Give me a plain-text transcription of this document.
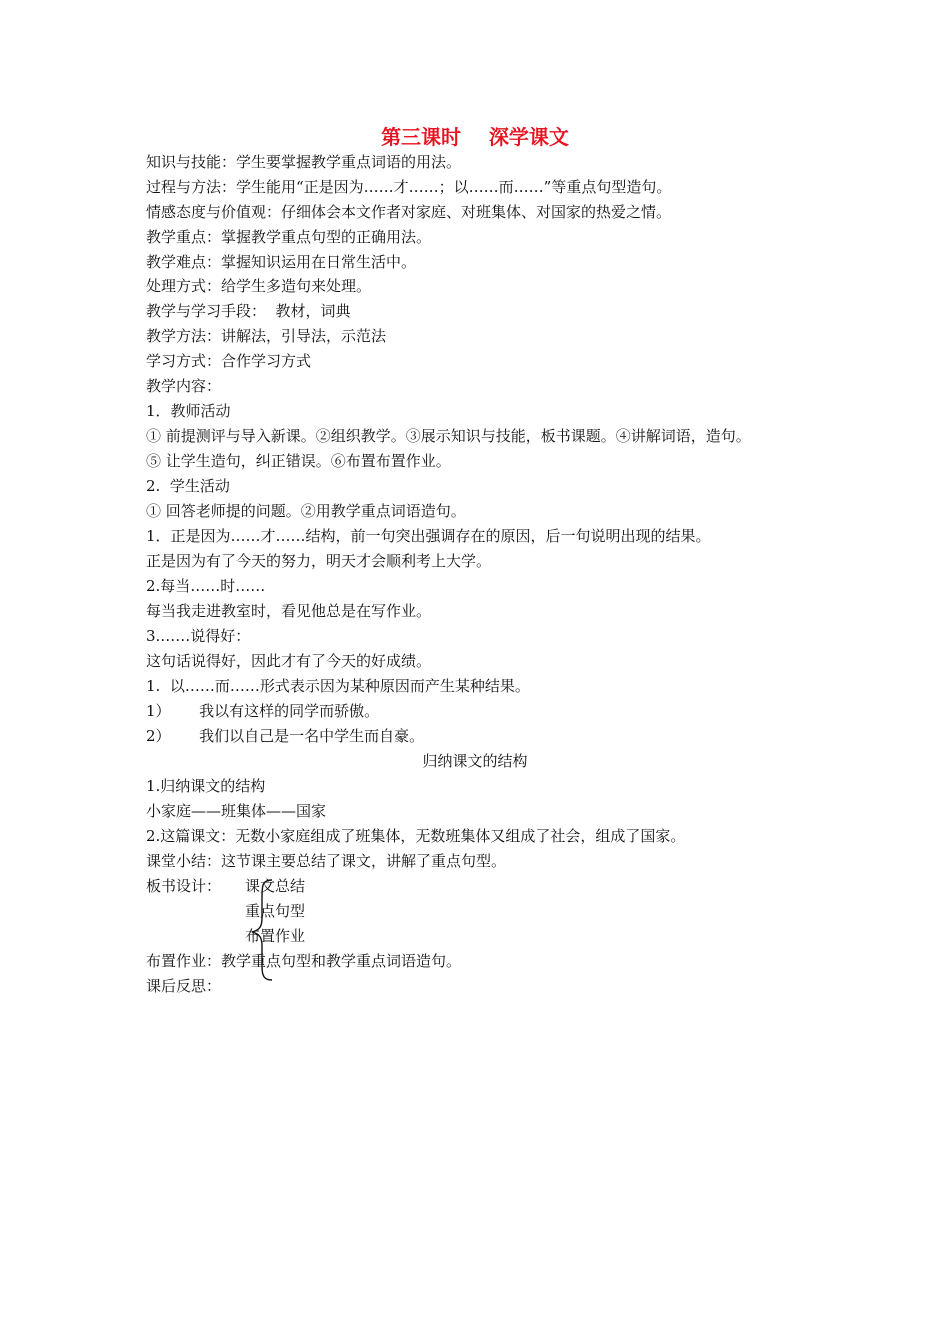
第三课时    深学课文
知识与技能：学生要掌握教学重点词语的用法。
过程与方法：学生能用“正是因为……才……；以……而……”等重点句型造句。
情感态度与价值观：仔细体会本文作者对家庭、对班集体、对国家的热爱之情。
教学重点：掌握教学重点句型的正确用法。
教学难点：掌握知识运用在日常生活中。
处理方式：给学生多造句来处理。
教学与学习手段：  教材，词典
教学方法：讲解法，引导法，示范法
学习方式：合作学习方式
教学内容：
1．教师活动
① 前提测评与导入新课。②组织教学。③展示知识与技能，板书课题。④讲解词语，造句。
⑤ 让学生造句，纠正错误。⑥布置布置作业。
2.  学生活动
① 回答老师提的问题。②用教学重点词语造句。
1．正是因为……才……结构，前一句突出强调存在的原因，后一句说明出现的结果。
正是因为有了今天的努力，明天才会顺利考上大学。
2.每当……时……
每当我走进教室时，看见他总是在写作业。
3.……说得好：
这句话说得好，因此才有了今天的好成绩。
1.  以……而……形式表示因为某种原因而产生某种结果。
1）      我以有这样的同学而骄傲。
2）      我们以自己是一名中学生而自豪。
归纳课文的结构
1.归纳课文的结构
小家庭——班集体——国家
2.这篇课文：无数小家庭组成了班集体，无数班集体又组成了社会，组成了国家。
课堂小结：这节课主要总结了课文，讲解了重点句型。
板书设计： 课文总结
重点句型
布置作业
布置作业：教学重点句型和教学重点词语造句。
课后反思：
